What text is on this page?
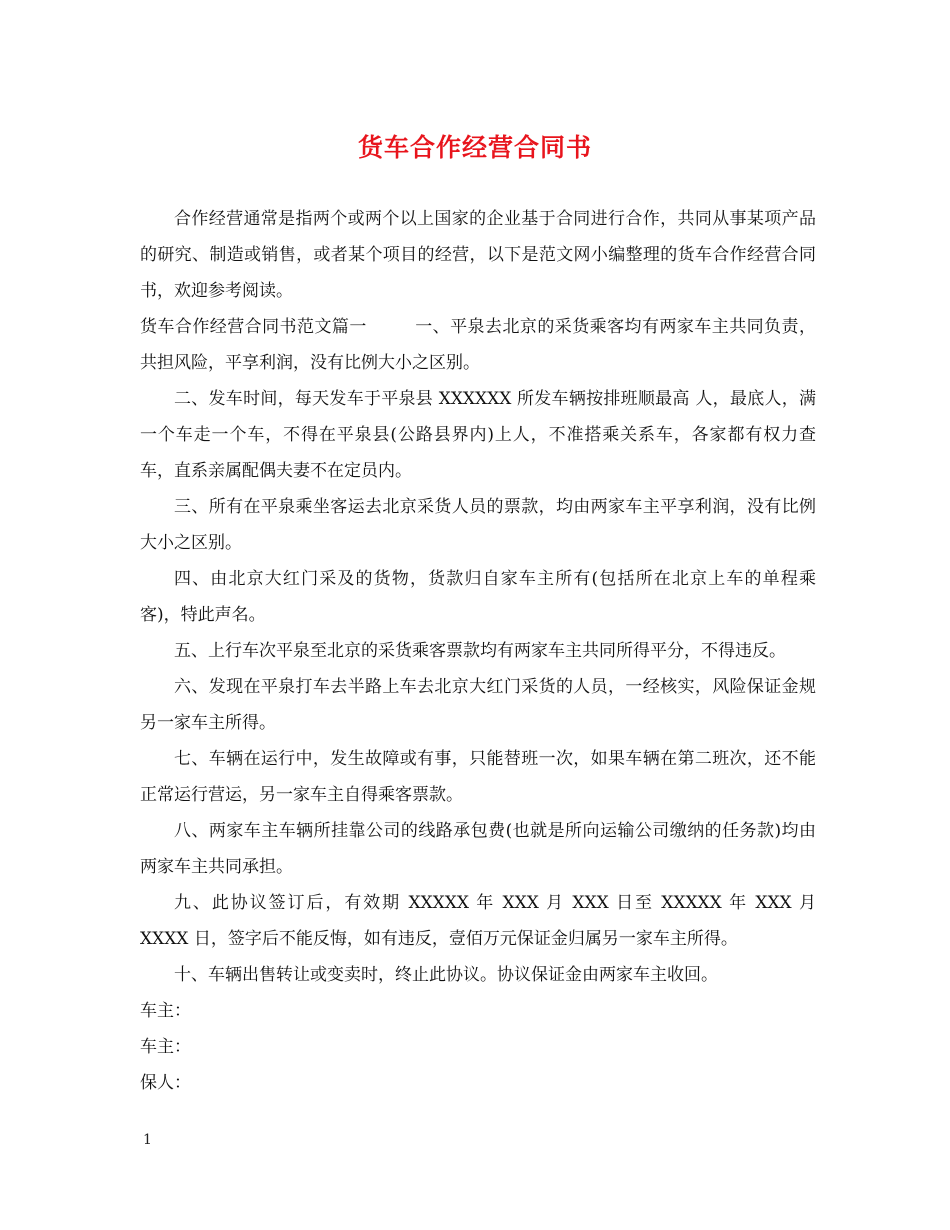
货车合作经营合同书

合作经营通常是指两个或两个以上国家的企业基于合同进行合作，共同从事某项产品的研究、制造或销售，或者某个项目的经营，以下是范文网小编整理的货车合作经营合同书，欢迎参考阅读。

货车合作经营合同书范文篇一	一、平泉去北京的采货乘客均有两家车主共同负责，共担风险，平享利润，没有比例大小之区别。

二、发车时间，每天发车于平泉县 XXXXXX 所发车辆按排班顺最高 人，最底人，满一个车走一个车，不得在平泉县(公路县界内)上人，不准搭乘关系车，各家都有权力查车，直系亲属配偶夫妻不在定员内。

三、所有在平泉乘坐客运去北京采货人员的票款，均由两家车主平享利润，没有比例大小之区别。

四、由北京大红门采及的货物，货款归自家车主所有(包括所在北京上车的单程乘客)，特此声名。

五、上行车次平泉至北京的采货乘客票款均有两家车主共同所得平分，不得违反。

六、发现在平泉打车去半路上车去北京大红门采货的人员，一经核实，风险保证金规另一家车主所得。

七、车辆在运行中，发生故障或有事，只能替班一次，如果车辆在第二班次，还不能正常运行营运，另一家车主自得乘客票款。

八、两家车主车辆所挂靠公司的线路承包费(也就是所向运输公司缴纳的任务款)均由两家车主共同承担。

九、此协议签订后，有效期 XXXXX 年 XXX 月 XXX 日至 XXXXX 年 XXX 月 XXXX 日，签字后不能反悔，如有违反，壹佰万元保证金归属另一家车主所得。

十、车辆出售转让或变卖时，终止此协议。协议保证金由两家车主收回。

车主：

车主：

保人：

1
